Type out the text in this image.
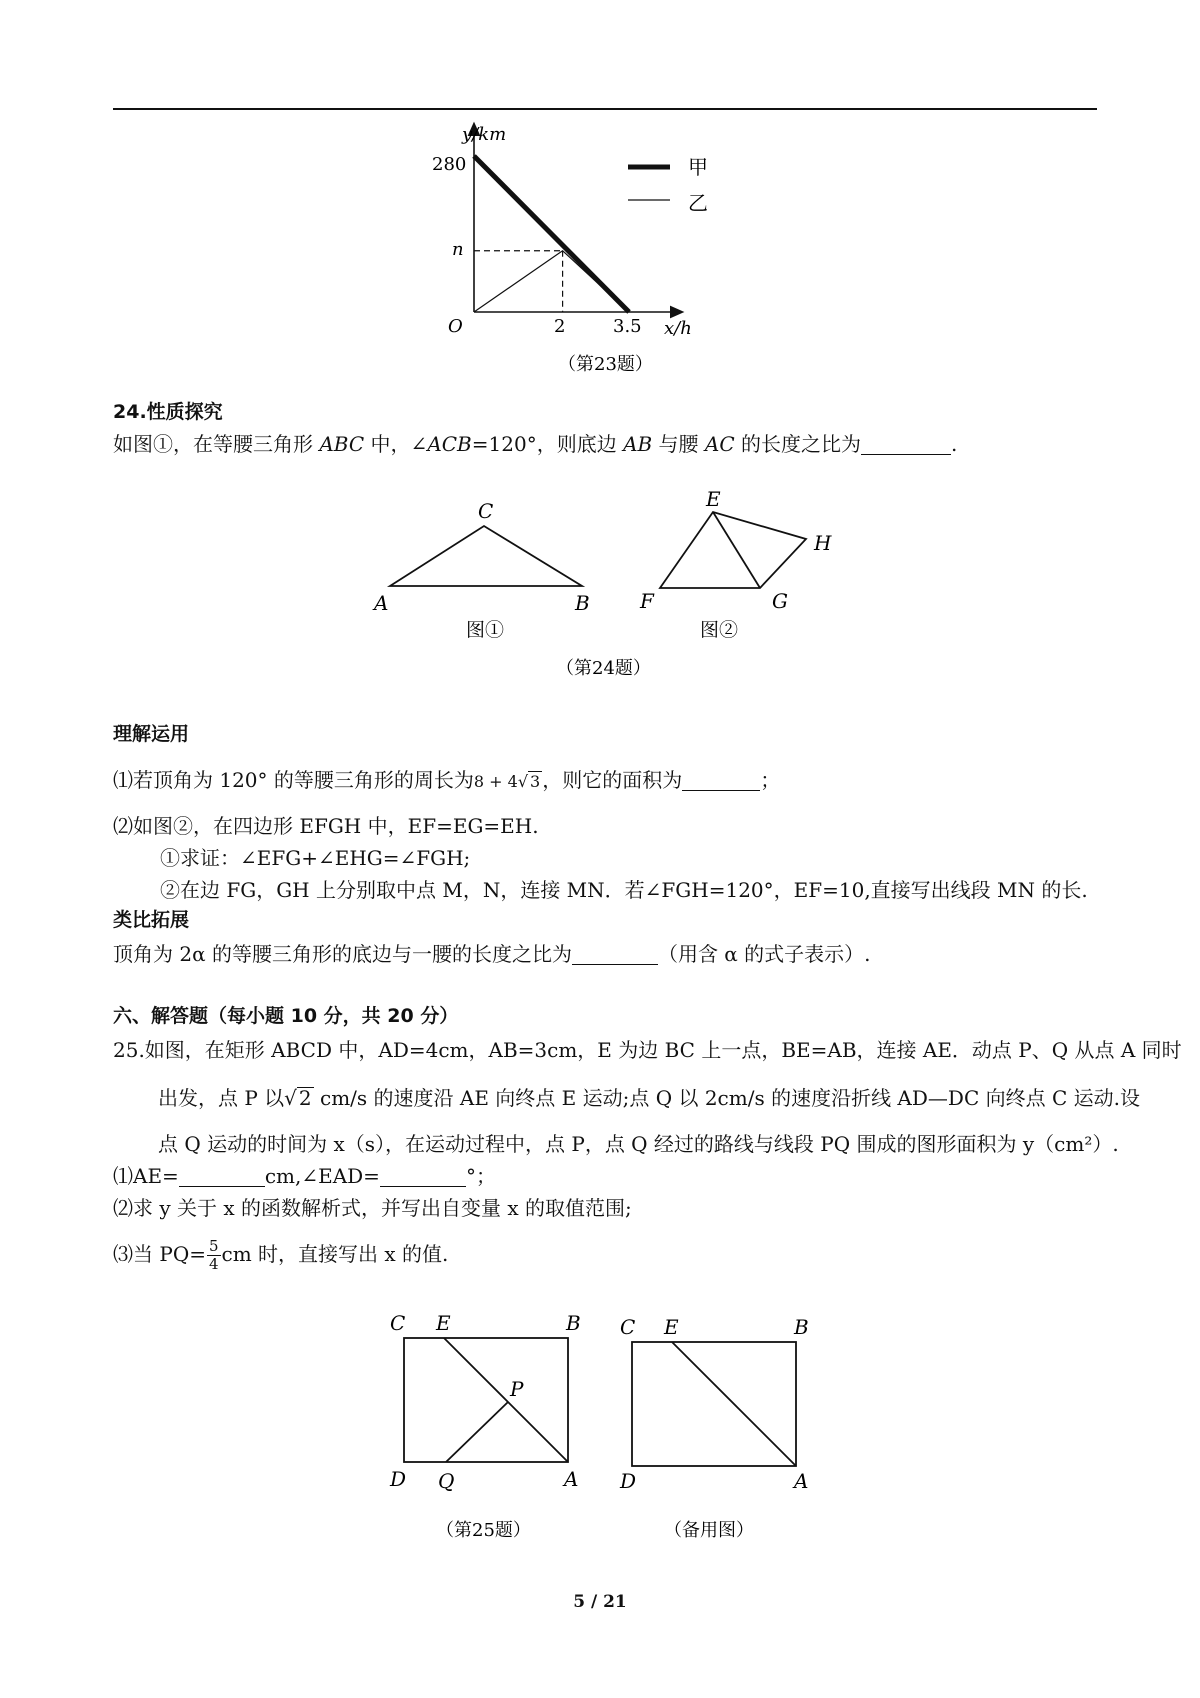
y/km
280
n
O	2	3.5 x/h
甲
乙
（第23题）
24.性质探究
如图①，在等腰三角形 ABC 中，∠ACB=120°，则底边 AB 与腰 AC 的长度之比为	.
C
A	B
E
F	G
H
图①	图②
（第24题）
理解运用
⑴若顶角为 120° 的等腰三角形的周长为8 + 4√ 3 ，则它的面积为	；
⑵如图②，在四边形 EFGH 中，EF=EG=EH.
①求证：∠EFG+∠EHG=∠FGH;
②在边 FG，GH 上分别取中点 M，N，连接 MN．若∠FGH=120°，EF=10,直接写出线段 MN 的长.
类比拓展
顶角为 2α 的等腰三角形的底边与一腰的长度之比为	（用含 α 的式子表示）.
六、解答题（每小题 10 分，共 20 分）
25.如图，在矩形 ABCD 中，AD=4cm，AB=3cm，E 为边 BC 上一点，BE=AB，连接 AE．动点 P、Q 从点 A 同时
出发，点 P 以√ 2 cm/s 的速度沿 AE 向终点 E 运动;点 Q 以 2cm/s 的速度沿折线 AD—DC 向终点 C 运动.设
点 Q 运动的时间为 x（s），在运动过程中，点 P，点 Q 经过的路线与线段 PQ 围成的图形面积为 y（cm²）.
⑴AE=	cm,∠EAD=	°；
⑵求 y 关于 x 的函数解析式，并写出自变量 x 的取值范围;
⑶当 $PQ= \frac{5}{4}$ cm 时，直接写出 x 的值.
C E	B
P
D Q	A
C E	B
D	A
（第25题）	（备用图）
5 / 21
